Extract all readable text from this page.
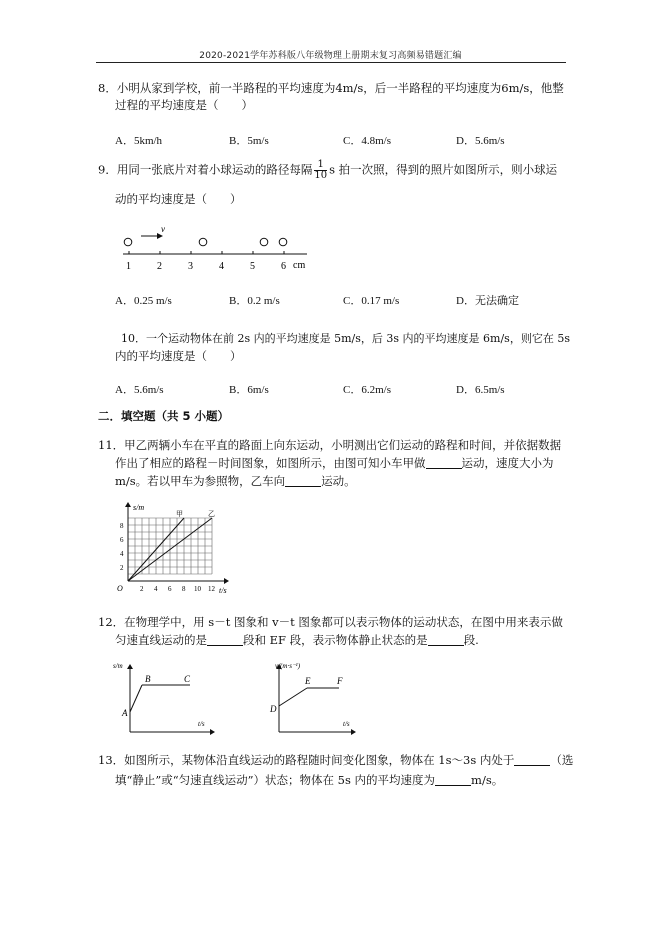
2020-2021学年苏科版八年级物理上册期末复习高频易错题汇编
8．小明从家到学校，前一半路程的平均速度为4m/s，后一半路程的平均速度为6m/s，他整
过程的平均速度是（　　）
A．5km/h	B．5m/s	C．4.8m/s	D．5.6m/s
9．用同一张底片对着小球运动的路径每隔 $\frac{1}{10}$ s 拍一次照，得到的照片如图所示，则小球运
动的平均速度是（　　）
v
1	2	3	4	5	6 cm
A．0.25 m/s	B．0.2 m/s	C．0.17 m/s	D．无法确定
10．一个运动物体在前 2s 内的平均速度是 5m/s，后 3s 内的平均速度是 6m/s，则它在 5s
内的平均速度是（　　）
A．5.6m/s	B．6m/s	C．6.2m/s	D．6.5m/s
二．填空题（共 5 小题）
11．甲乙两辆小车在平直的路面上向东运动，小明测出它们运动的路程和时间，并依据数据
作出了相应的路程－时间图象，如图所示，由图可知小车甲做	运动，速度大小为
m/s。若以甲车为参照物，乙车向	运动。
s/m
t/s
O
2
4
6
8
2 4 6 8 10 12
甲	乙
12．在物理学中，用 s－t 图象和 v－t 图象都可以表示物体的运动状态，在图中用来表示做
匀速直线运动的是	段和 EF 段，表示物体静止状态的是	段.
s/m
t/s
A
B	C
v/(m·s⁻¹)
t/s
D
E	F
13．如图所示，某物体沿直线运动的路程随时间变化图象，物体在 1s～3s 内处于	（选
填“静止”或“匀速直线运动”）状态；物体在 5s 内的平均速度为	m/s。
